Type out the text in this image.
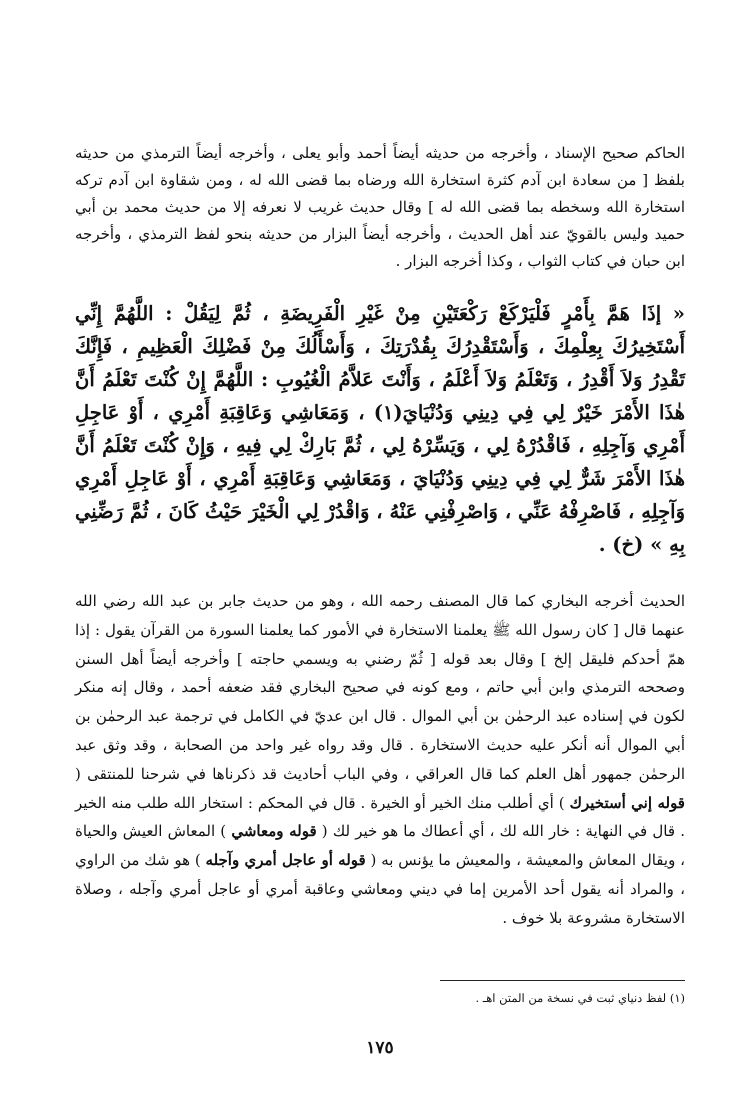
الحاكم صحيح الإسناد ، وأخرجه من حديثه أيضاً أحمد وأبو يعلى ، وأخرجه أيضاً الترمذي من حديثه بلفظ [ من سعادة ابن آدم كثرة استخارة الله ورضاه بما قضى الله له ، ومن شقاوة ابن آدم تركه استخارة الله وسخطه بما قضى الله له ] وقال حديث غريب لا نعرفه إلا من حديث محمد بن أبي حميد وليس بالقويّ عند أهل الحديث ، وأخرجه أيضاً البزار من حديثه بنحو لفظ الترمذي ، وأخرجه ابن حبان في كتاب الثواب ، وكذا أخرجه البزار .

« إذَا هَمَّ بِأَمْرٍ فَلْيَرْكَعْ رَكْعَتَيْنِ مِنْ غَيْرِ الْفَرِيضَةِ ، ثُمَّ لِيَقُلْ : اللَّهُمَّ إِنِّي أَسْتَخِيرُكَ بِعِلْمِكَ ، وَأَسْتَقْدِرُكَ بِقُدْرَتِكَ ، وَأَسْأَلُكَ مِنْ فَضْلِكَ الْعَظِيمِ ، فَإِنَّكَ تَقْدِرُ وَلاَ أَقْدِرُ ، وَتَعْلَمُ وَلاَ أَعْلَمُ ، وَأَنْتَ عَلاَّمُ الْغُيُوبِ : اللَّهُمَّ إِنْ كُنْتَ تَعْلَمُ أَنَّ هٰذَا الأَمْرَ خَيْرٌ لِي فِي دِينِي وَدُنْيَايَ(١) ، وَمَعَاشِي وَعَاقِبَةِ أَمْرِي ، أَوْ عَاجِلِ أَمْرِي وَآجِلِهِ ، فَاقْدُرْهُ لِي ، وَيَسِّرْهُ لِي ، ثُمَّ بَارِكْ لِي فِيهِ ، وَإِنْ كُنْتَ تَعْلَمُ أَنَّ هٰذَا الأَمْرَ شَرٌّ لِي فِي دِينِي وَدُنْيَايَ ، وَمَعَاشِي وَعَاقِبَةِ أَمْرِي ، أَوْ عَاجِلِ أَمْرِي وَآجِلِهِ ، فَاصْرِفْهُ عَنِّي ، وَاصْرِفْنِي عَنْهُ ، وَاقْدُرْ لِي الْخَيْرَ حَيْثُ كَانَ ، ثُمَّ رَضِّنِي بِهِ » (خ) .

الحديث أخرجه البخاري كما قال المصنف رحمه الله ، وهو من حديث جابر بن عبد الله رضي الله عنهما قال [ كان رسول الله ﷺ يعلمنا الاستخارة في الأمور كما يعلمنا السورة من القرآن يقول : إذا همّ أحدكم فليقل إلخ ] وقال بعد قوله [ ثُمّ رضني به ويسمي حاجته ] وأخرجه أيضاً أهل السنن وصححه الترمذي وابن أبي حاتم ، ومع كونه في صحيح البخاري فقد ضعفه أحمد ، وقال إنه منكر لكون في إسناده عبد الرحمٰن بن أبي الموال . قال ابن عديّ في الكامل في ترجمة عبد الرحمٰن بن أبي الموال أنه أنكر عليه حديث الاستخارة . قال وقد رواه غير واحد من الصحابة ، وقد وثق عبد الرحمٰن جمهور أهل العلم كما قال العراقي ، وفي الباب أحاديث قد ذكرناها في شرحنا للمنتقى ( قوله إني أستخيرك ) أي أطلب منك الخير أو الخيرة . قال في المحكم : استخار الله طلب منه الخير . قال في النهاية : خار الله لك ، أي أعطاك ما هو خير لك ( قوله ومعاشي ) المعاش العيش والحياة ، ويقال المعاش والمعيشة ، والمعيش ما يؤنس به ( قوله أو عاجل أمري وآجله ) هو شك من الراوي ، والمراد أنه يقول أحد الأمرين إما في ديني ومعاشي وعاقبة أمري أو عاجل أمري وآجله ، وصلاة الاستخارة مشروعة بلا خوف .

(١) لفظ دنياي ثبت في نسخة من المتن اهـ .
١٧٥
